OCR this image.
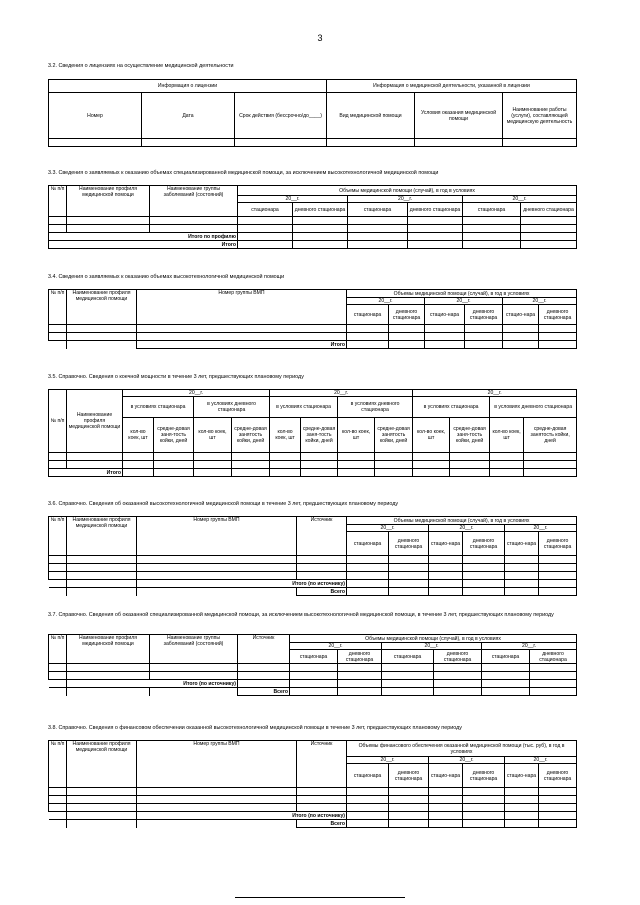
3
3.2. Сведения о лицензиях на осуществление медицинской деятельности
Информация о лицензии			Информация о медицинской деятельности, указанной в лицензии		
Номер	Дата	Срок действия (бессрочно/до____)	Вид медицинской помощи	Условия оказания медицинской помощи	Наименование работы (услуги), составляющей медицинскую деятельность

3.3. Сведения о заявляемых к оказанию объемах специализированной медицинской помощи, за исключением высокотехнологичной медицинской помощи
№ п/п	Наименование профиля медицинской помощи	Наименование группы заболеваний (состояний)	Объемы медицинской помощи (случай), в год в условиях					
			20__г.		20__г.		20__г.	
			стационара	дневного стационара	стационара	дневного стационара	стационара	дневного стационара

Итого по профилю								
Итого								
3.4. Сведения о заявляемых к оказанию объемах высокотехнологичной медицинской помощи
№ п/п	Наименование профиля медицинской помощи	Номер группы ВМП	Объемы медицинской помощи (случай), в год в условиях					
			20__г.		20__г.		20__г.	
			стационара	дневного стационара	стацио-нара	дневного стационара	стацио-нара	дневного стационара

		Итого						
3.5. Справочно. Сведения о коечной мощности в течение 3 лет, предшествующих плановому периоду
№ п/п	Наименование профиля медицинской помощи	20__г.				20__г.				20__г.			
		в условиях стационара		в условиях дневного стационара		в условиях стационара		в условиях дневного стационара		в условиях стационара		в условиях дневного стационара	
		кол-во коек, шт	средне-довая заня-тость койки, дней	кол-во коек, шт	средне-довая занятость койки, дней	кол-во коек, шт	средне-довая заня-тость койки, дней	кол-во коек, шт	средне-довая занятость койки, дней	кол-во коек, шт	средне-довая заня-тость койки, дней	кол-во коек, шт	средне-довая занятость койки, дней

Итого													
3.6. Справочно. Сведения об оказанной высокотехнологичной медицинской помощи в течение 3 лет, предшествующих плановому периоду
№ п/п	Наименование профиля медицинской помощи	Номер группы ВМП	Источник	Объемы медицинской помощи (случай), в год в условиях					
				20__г.		20__г.		20__г.	
				стационара	дневного стационара	стацио-нара	дневного стационара	стацио-нара	дневного стационара

		Итого (по источнику)							
			Всего						
3.7. Справочно. Сведения об оказанной специализированной медицинской помощи, за исключением высокотехнологичной медицинской помощи, в течение 3 лет, предшествующих плановому периоду
№ п/п	Наименование профиля медицинской помощи	Наименование группы заболеваний (состояний)	Источник	Объемы медицинской помощи (случай), в год в условиях					
				20__г.		20__г.		20__г.	
				стационара	дневного стационара	стационара	дневного стационара	стационара	дневного стационара

	Итого (по источнику)								
			Всего						
3.8. Справочно. Сведения о финансовом обеспечении оказанной высокотехнологичной медицинской помощи в течение 3 лет, предшествующих плановому периоду
№ п/п	Наименование профиля медицинской помощи	Номер группы ВМП	Источник	Объемы финансового обеспечения оказанной медицинской помощи (тыс. руб), в год в условиях					
				20__г.		20__г.		20__г.	
				стационара	дневного стационара	стацио-нара	дневного стационара	стацио-нара	дневного стационара

		Итого (по источнику)							
			Всего						
